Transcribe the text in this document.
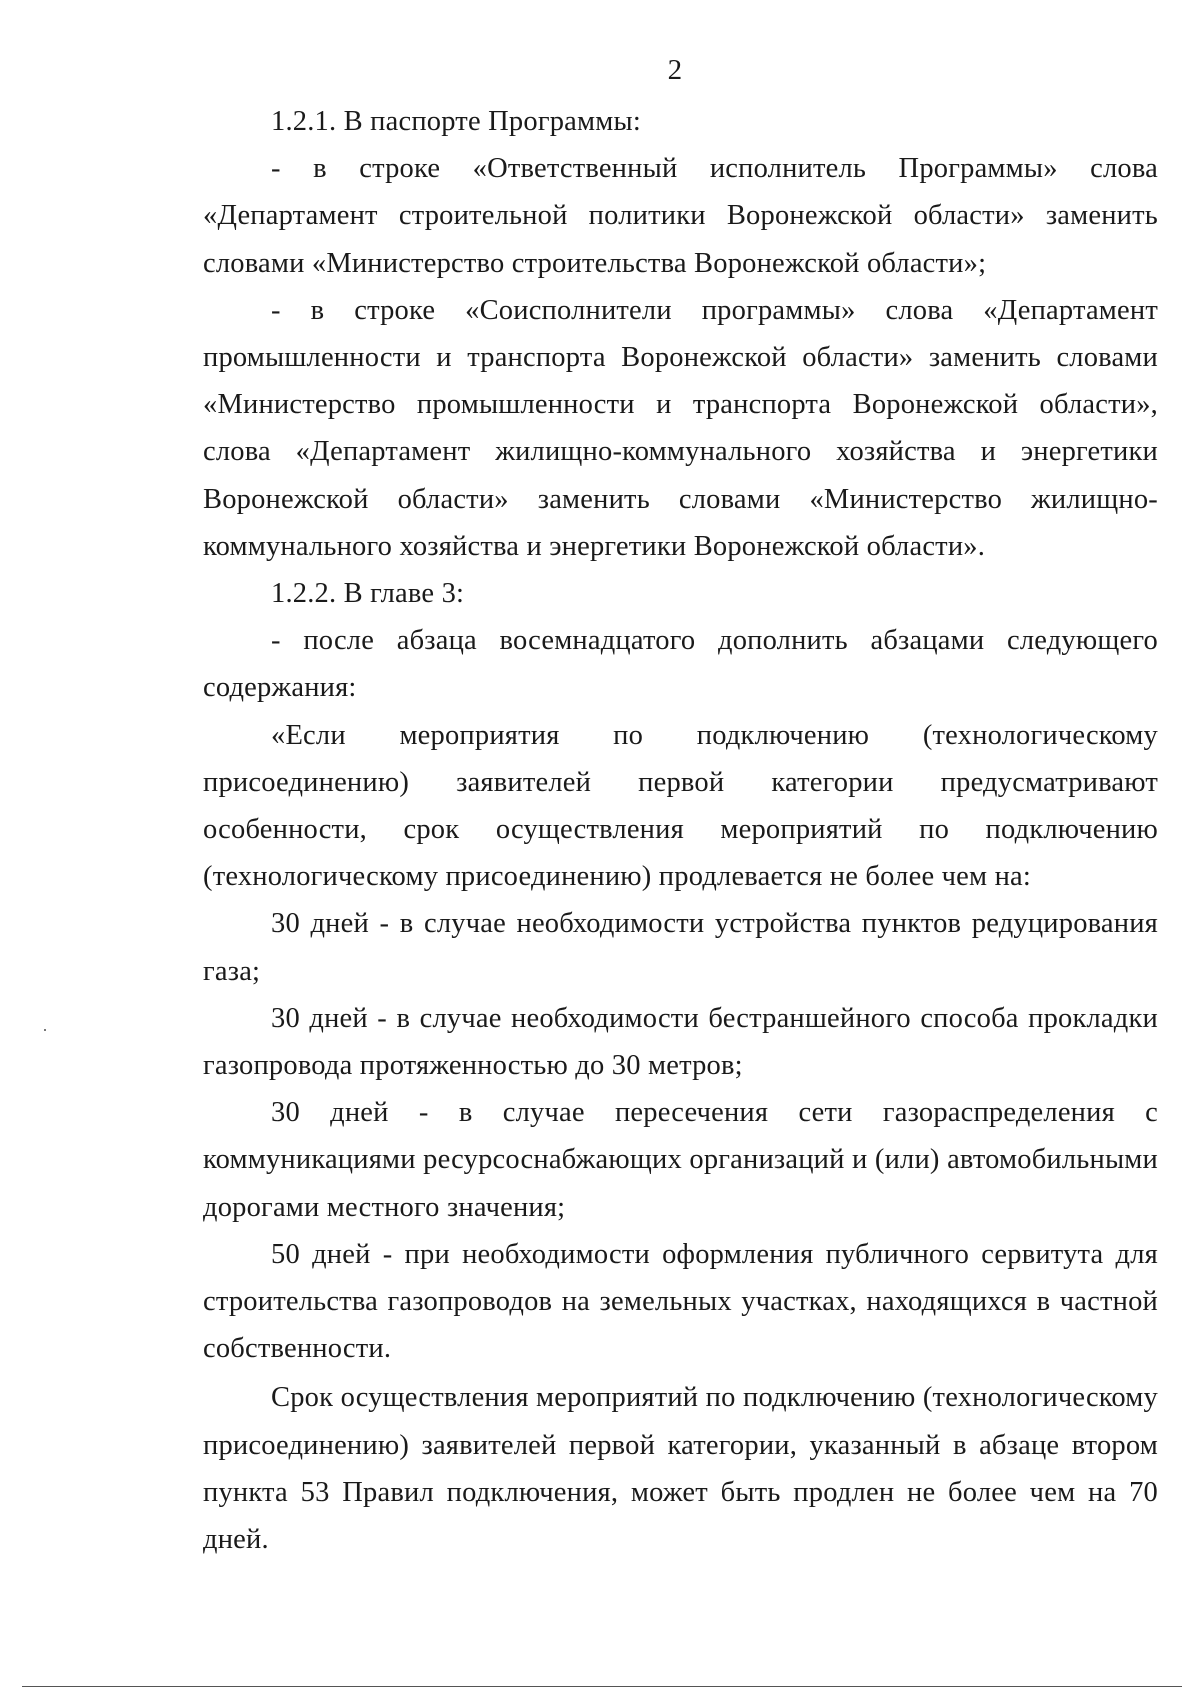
2

1.2.1. В паспорте Программы:

- в строке «Ответственный исполнитель Программы» слова «Департамент строительной политики Воронежской области» заменить словами «Министерство строительства Воронежской области»;

- в строке «Соисполнители программы» слова «Департамент промышленности и транспорта Воронежской области» заменить словами «Министерство промышленности и транспорта Воронежской области», слова «Департамент жилищно-коммунального хозяйства и энергетики Воронежской области» заменить словами «Министерство жилищно-коммунального хозяйства и энергетики Воронежской области».

1.2.2. В главе 3:

- после абзаца восемнадцатого дополнить абзацами следующего содержания:

«Если мероприятия по подключению (технологическому присоединению) заявителей первой категории предусматривают особенности, срок осуществления мероприятий по подключению (технологическому присоединению) продлевается не более чем на:

30 дней - в случае необходимости устройства пунктов редуцирования газа;

30 дней - в случае необходимости бестраншейного способа прокладки газопровода протяженностью до 30 метров;

30 дней - в случае пересечения сети газораспределения с коммуникациями ресурсоснабжающих организаций и (или) автомобильными дорогами местного значения;

50 дней - при необходимости оформления публичного сервитута для строительства газопроводов на земельных участках, находящихся в частной собственности.

Срок осуществления мероприятий по подключению (технологическому присоединению) заявителей первой категории, указанный в абзаце втором пункта 53 Правил подключения, может быть продлен не более чем на 70 дней.
